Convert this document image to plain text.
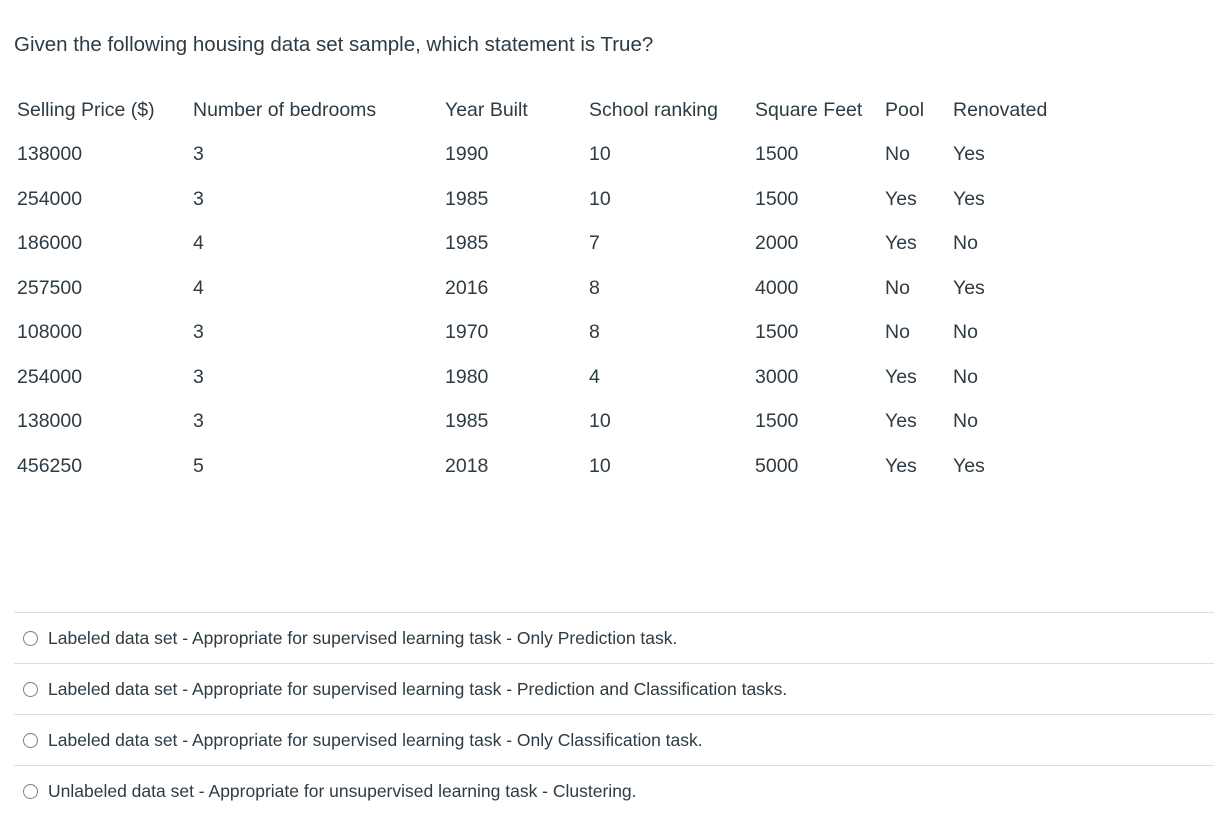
Given the following housing data set sample, which statement is True?
Selling Price ($)	Number of bedrooms	Year Built	School ranking	Square Feet	Pool	Renovated
138000	3	1990	10	1500	No	Yes
254000	3	1985	10	1500	Yes	Yes
186000	4	1985	7	2000	Yes	No
257500	4	2016	8	4000	No	Yes
108000	3	1970	8	1500	No	No
254000	3	1980	4	3000	Yes	No
138000	3	1985	10	1500	Yes	No
456250	5	2018	10	5000	Yes	Yes
Labeled data set - Appropriate for supervised learning task - Only Prediction task.
Labeled data set - Appropriate for supervised learning task - Prediction and Classification tasks.
Labeled data set - Appropriate for supervised learning task - Only Classification task.
Unlabeled data set - Appropriate for unsupervised learning task - Clustering.
